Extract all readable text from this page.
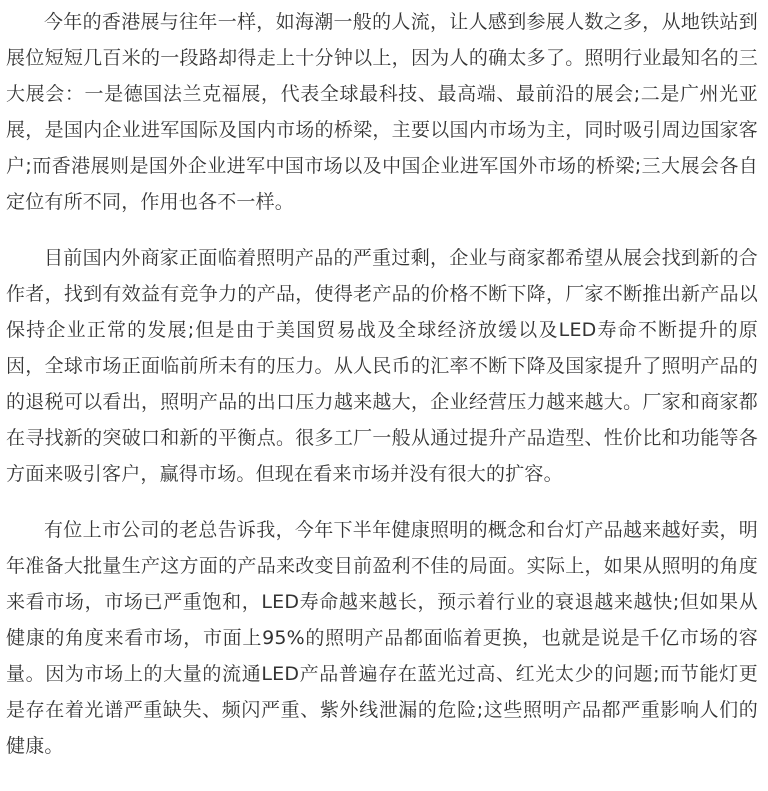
今年的香港展与往年一样，如海潮一般的人流，让人感到参展人数之多，从地铁站到展位短短几百米的一段路却得走上十分钟以上，因为人的确太多了。照明行业最知名的三大展会：一是德国法兰克福展，代表全球最科技、最高端、最前沿的展会;二是广州光亚展，是国内企业进军国际及国内市场的桥梁，主要以国内市场为主，同时吸引周边国家客户;而香港展则是国外企业进军中国市场以及中国企业进军国外市场的桥梁;三大展会各自定位有所不同，作用也各不一样。

目前国内外商家正面临着照明产品的严重过剩，企业与商家都希望从展会找到新的合作者，找到有效益有竞争力的产品，使得老产品的价格不断下降，厂家不断推出新产品以保持企业正常的发展;但是由于美国贸易战及全球经济放缓以及LED寿命不断提升的原因，全球市场正面临前所未有的压力。从人民币的汇率不断下降及国家提升了照明产品的的退税可以看出，照明产品的出口压力越来越大，企业经营压力越来越大。厂家和商家都在寻找新的突破口和新的平衡点。很多工厂一般从通过提升产品造型、性价比和功能等各方面来吸引客户，赢得市场。但现在看来市场并没有很大的扩容。

有位上市公司的老总告诉我，今年下半年健康照明的概念和台灯产品越来越好卖，明年准备大批量生产这方面的产品来改变目前盈利不佳的局面。实际上，如果从照明的角度来看市场，市场已严重饱和，LED寿命越来越长，预示着行业的衰退越来越快;但如果从健康的角度来看市场，市面上95%的照明产品都面临着更换，也就是说是千亿市场的容量。因为市场上的大量的流通LED产品普遍存在蓝光过高、红光太少的问题;而节能灯更是存在着光谱严重缺失、频闪严重、紫外线泄漏的危险;这些照明产品都严重影响人们的健康。
